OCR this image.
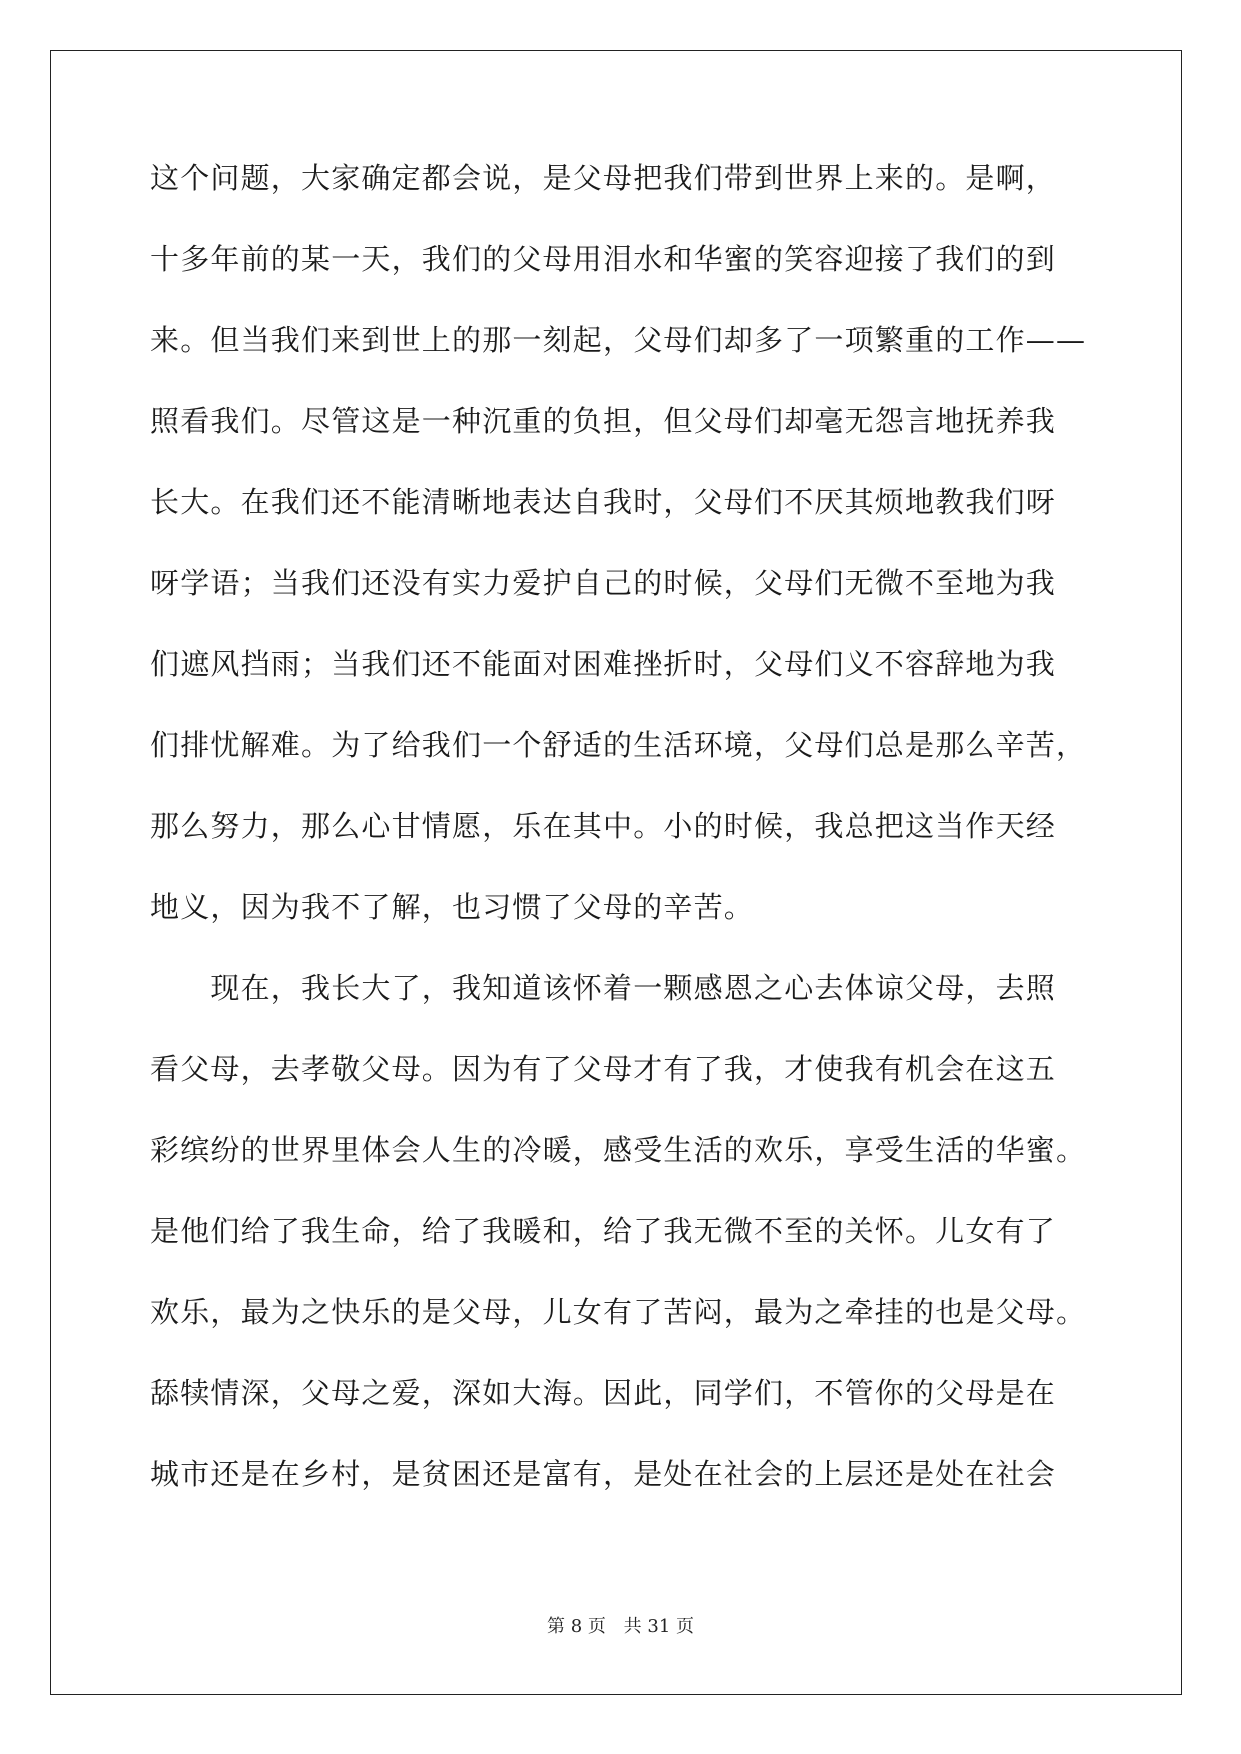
这个问题，大家确定都会说，是父母把我们带到世界上来的。是啊，
十多年前的某一天，我们的父母用泪水和华蜜的笑容迎接了我们的到
来。但当我们来到世上的那一刻起，父母们却多了一项繁重的工作——
照看我们。尽管这是一种沉重的负担，但父母们却毫无怨言地抚养我
长大。在我们还不能清晰地表达自我时，父母们不厌其烦地教我们呀
呀学语；当我们还没有实力爱护自己的时候，父母们无微不至地为我
们遮风挡雨；当我们还不能面对困难挫折时，父母们义不容辞地为我
们排忧解难。为了给我们一个舒适的生活环境，父母们总是那么辛苦，
那么努力，那么心甘情愿，乐在其中。小的时候，我总把这当作天经
地义，因为我不了解，也习惯了父母的辛苦。
　　现在，我长大了，我知道该怀着一颗感恩之心去体谅父母，去照
看父母，去孝敬父母。因为有了父母才有了我，才使我有机会在这五
彩缤纷的世界里体会人生的冷暖，感受生活的欢乐，享受生活的华蜜。
是他们给了我生命，给了我暖和，给了我无微不至的关怀。儿女有了
欢乐，最为之快乐的是父母，儿女有了苦闷，最为之牵挂的也是父母。
舔犊情深，父母之爱，深如大海。因此，同学们，不管你的父母是在
城市还是在乡村，是贫困还是富有，是处在社会的上层还是处在社会
第 8 页 共 31 页
